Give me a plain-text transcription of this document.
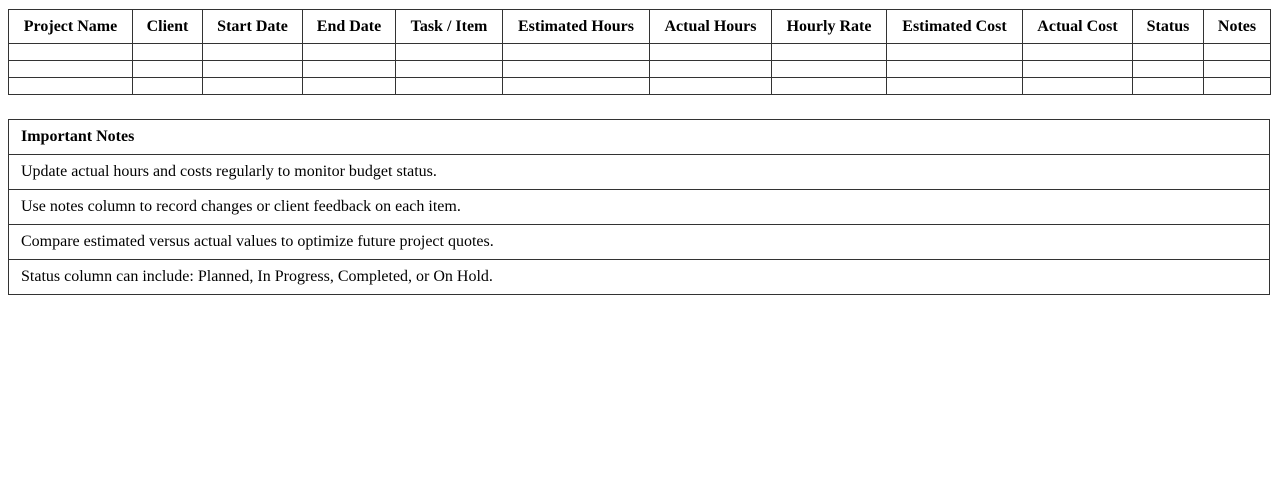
Project Name	Client	Start Date	End Date	Task / Item	Estimated Hours	Actual Hours	Hourly Rate	Estimated Cost	Actual Cost	Status	Notes

Important Notes
Update actual hours and costs regularly to monitor budget status.
Use notes column to record changes or client feedback on each item.
Compare estimated versus actual values to optimize future project quotes.
Status column can include: Planned, In Progress, Completed, or On Hold.
